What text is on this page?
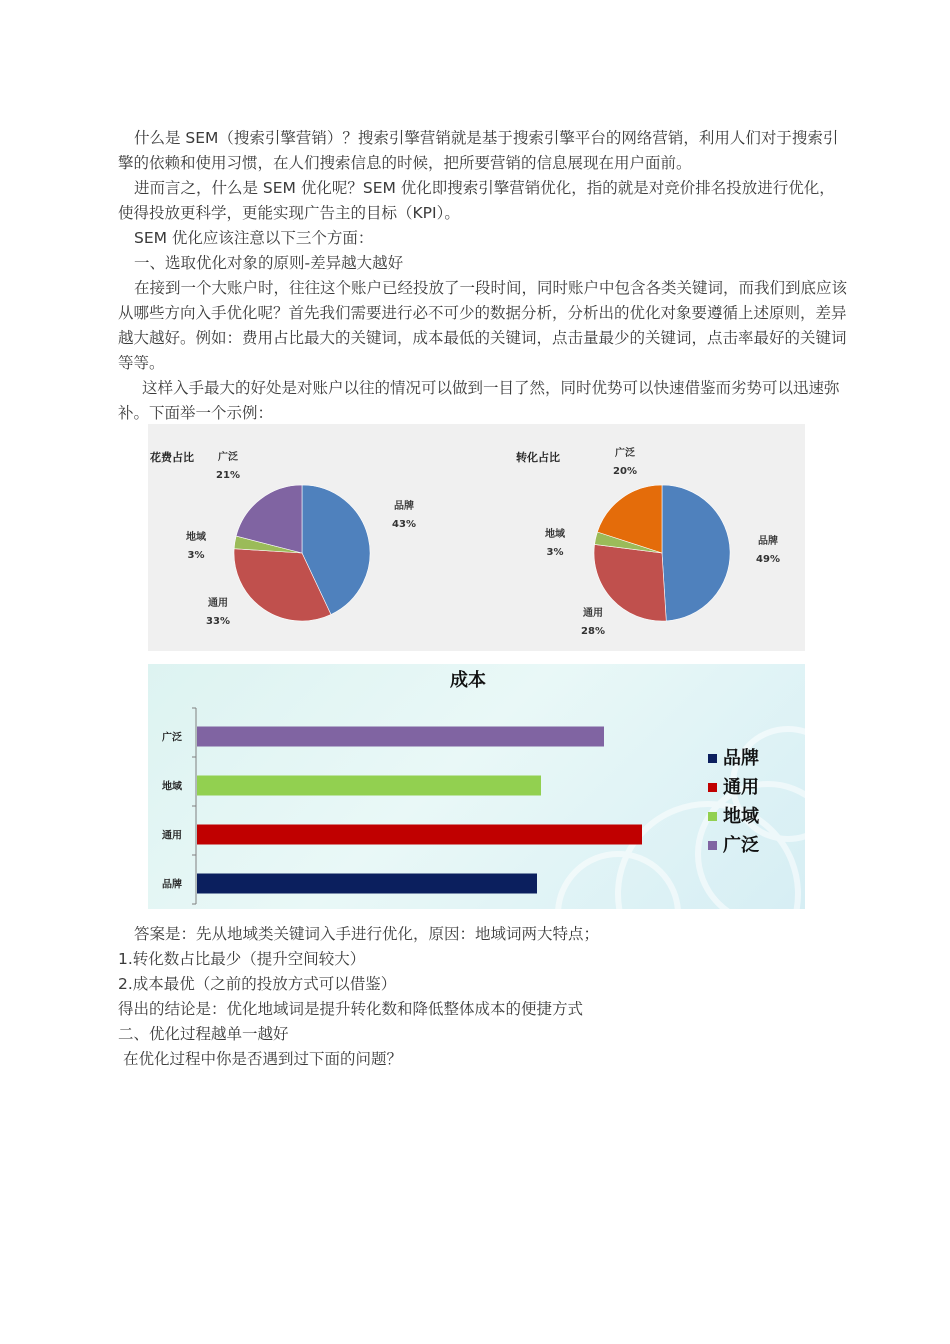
什么是 SEM（搜索引擎营销）？搜索引擎营销就是基于搜索引擎平台的网络营销，利用人们对于搜索引擎的依赖和使用习惯，在人们搜索信息的时候，把所要营销的信息展现在用户面前。

进而言之，什么是 SEM 优化呢？SEM 优化即搜索引擎营销优化，指的就是对竞价排名投放进行优化，使得投放更科学，更能实现广告主的目标（KPI）。

SEM 优化应该注意以下三个方面：

一、选取优化对象的原则-差异越大越好

在接到一个大账户时，往往这个账户已经投放了一段时间，同时账户中包含各类关键词，而我们到底应该从哪些方向入手优化呢？首先我们需要进行必不可少的数据分析，分析出的优化对象要遵循上述原则，差异越大越好。例如：费用占比最大的关键词，成本最低的关键词，点击量最少的关键词，点击率最好的关键词等等。

这样入手最大的好处是对账户以往的情况可以做到一目了然，同时优势可以快速借鉴而劣势可以迅速弥补。下面举一个示例：

花费占比
品牌
43%
通用
33%
地域
3%
广泛
21%
转化占比
品牌
49%
通用
28%
地域
3%
广泛
20%
成本
广泛
地域
通用
品牌
品牌
通用
地域
广泛

答案是：先从地域类关键词入手进行优化，原因：地域词两大特点；

1.转化数占比最少（提升空间较大）

2.成本最优（之前的投放方式可以借鉴）

得出的结论是：优化地域词是提升转化数和降低整体成本的便捷方式

二、优化过程越单一越好

在优化过程中你是否遇到过下面的问题？
